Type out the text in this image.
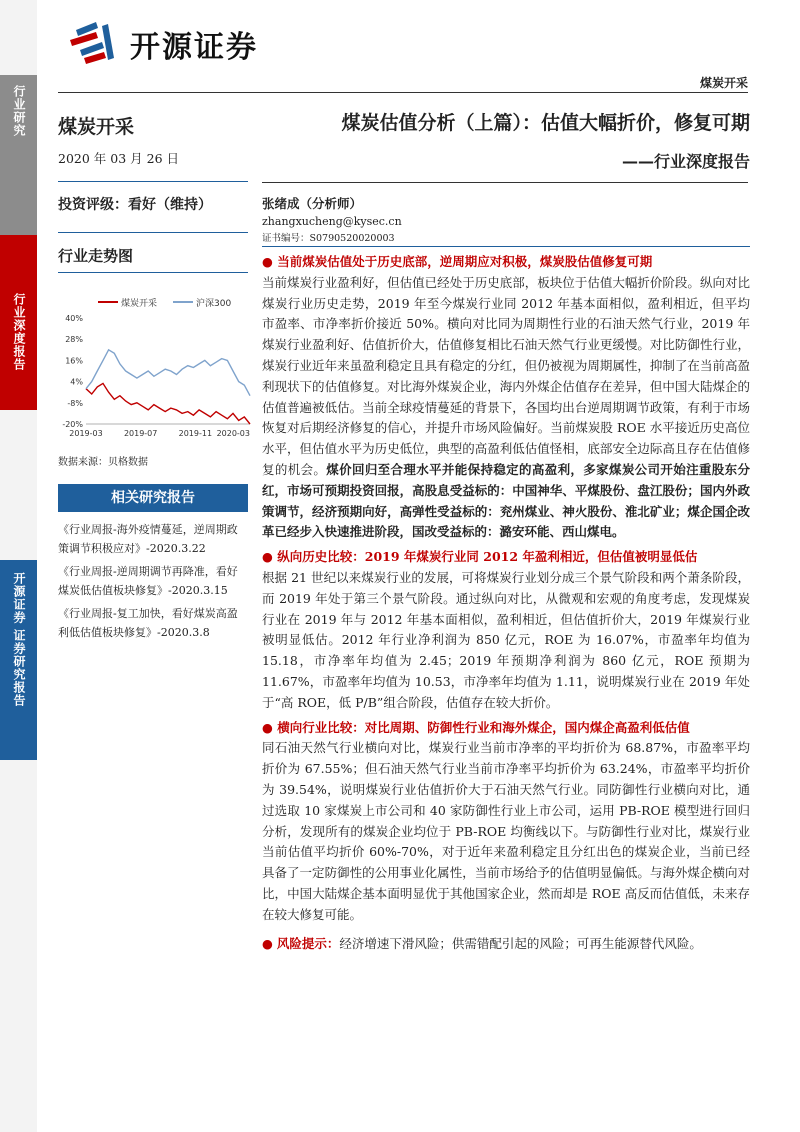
行业研究
行业深度报告
开源证券 证券研究报告
开源证券
煤炭开采
煤炭开采
2020 年 03 月 26 日
投资评级：看好（维持）
行业走势图
煤炭开采	沪深300
40%
28%
16%
4%
-8%
-20%
2019-03	2019-07	2019-11 2020-03
数据来源：贝格数据
相关研究报告
《行业周报-海外疫情蔓延，逆周期政策调节积极应对》-2020.3.22
《行业周报-逆周期调节再降准，看好煤炭低估值板块修复》-2020.3.15
《行业周报-复工加快，看好煤炭高盈利低估值板块修复》-2020.3.8
煤炭估值分析（上篇）：估值大幅折价，修复可期
——行业深度报告
张绪成（分析师）
zhangxucheng@kysec.cn
证书编号：S0790520020003
● 当前煤炭估值处于历史底部，逆周期应对积极，煤炭股估值修复可期
当前煤炭行业盈利好，但估值已经处于历史底部，板块位于估值大幅折价阶段。纵向对比煤炭行业历史走势，2019 年至今煤炭行业同 2012 年基本面相似，盈利相近，但平均市盈率、市净率折价接近 50%。横向对比同为周期性行业的石油天然气行业，2019 年煤炭行业盈利好、估值折价大，估值修复相比石油天然气行业更缓慢。对比防御性行业，煤炭行业近年来虽盈利稳定且具有稳定的分红，但仍被视为周期属性，抑制了在当前高盈利现状下的估值修复。对比海外煤炭企业，海内外煤企估值存在差异，但中国大陆煤企的估值普遍被低估。当前全球疫情蔓延的背景下，各国均出台逆周期调节政策，有利于市场恢复对后期经济修复的信心，并提升市场风险偏好。当前煤炭股 ROE 水平接近历史高位水平，但估值水平为历史低位，典型的高盈利低估值怪相，底部安全边际高且存在估值修复的机会。煤价回归至合理水平并能保持稳定的高盈利，多家煤炭公司开始注重股东分红，市场可预期投资回报，高股息受益标的：中国神华、平煤股份、盘江股份；国内外政策调节，经济预期向好，高弹性受益标的：兖州煤业、神火股份、淮北矿业；煤企国企改革已经步入快速推进阶段，国改受益标的：潞安环能、西山煤电。
● 纵向历史比较：2019 年煤炭行业同 2012 年盈利相近，但估值被明显低估
根据 21 世纪以来煤炭行业的发展，可将煤炭行业划分成三个景气阶段和两个萧条阶段，而 2019 年处于第三个景气阶段。通过纵向对比，从微观和宏观的角度考虑，发现煤炭行业在 2019 年与 2012 年基本面相似，盈利相近，但估值折价大，2019 年煤炭行业被明显低估。2012 年行业净利润为 850 亿元，ROE 为 16.07%，市盈率年均值为 15.18，市净率年均值为 2.45；2019 年预期净利润为 860 亿元，ROE 预期为 11.67%，市盈率年均值为 10.53，市净率年均值为 1.11，说明煤炭行业在 2019 年处于“高 ROE，低 P/B”组合阶段，估值存在较大折价。
● 横向行业比较：对比周期、防御性行业和海外煤企，国内煤企高盈利低估值
同石油天然气行业横向对比，煤炭行业当前市净率的平均折价为 68.87%，市盈率平均折价为 67.55%；但石油天然气行业当前市净率平均折价为 63.24%，市盈率平均折价为 39.54%，说明煤炭行业估值折价大于石油天然气行业。同防御性行业横向对比，通过选取 10 家煤炭上市公司和 40 家防御性行业上市公司，运用 PB-ROE 模型进行回归分析，发现所有的煤炭企业均位于 PB-ROE 均衡线以下。与防御性行业对比，煤炭行业当前估值平均折价 60%-70%，对于近年来盈利稳定且分红出色的煤炭企业，当前已经具备了一定防御性的公用事业化属性，当前市场给予的估值明显偏低。与海外煤企横向对比，中国大陆煤企基本面明显优于其他国家企业，然而却是 ROE 高反而估值低，未来存在较大修复可能。
● 风险提示：经济增速下滑风险；供需错配引起的风险；可再生能源替代风险。
